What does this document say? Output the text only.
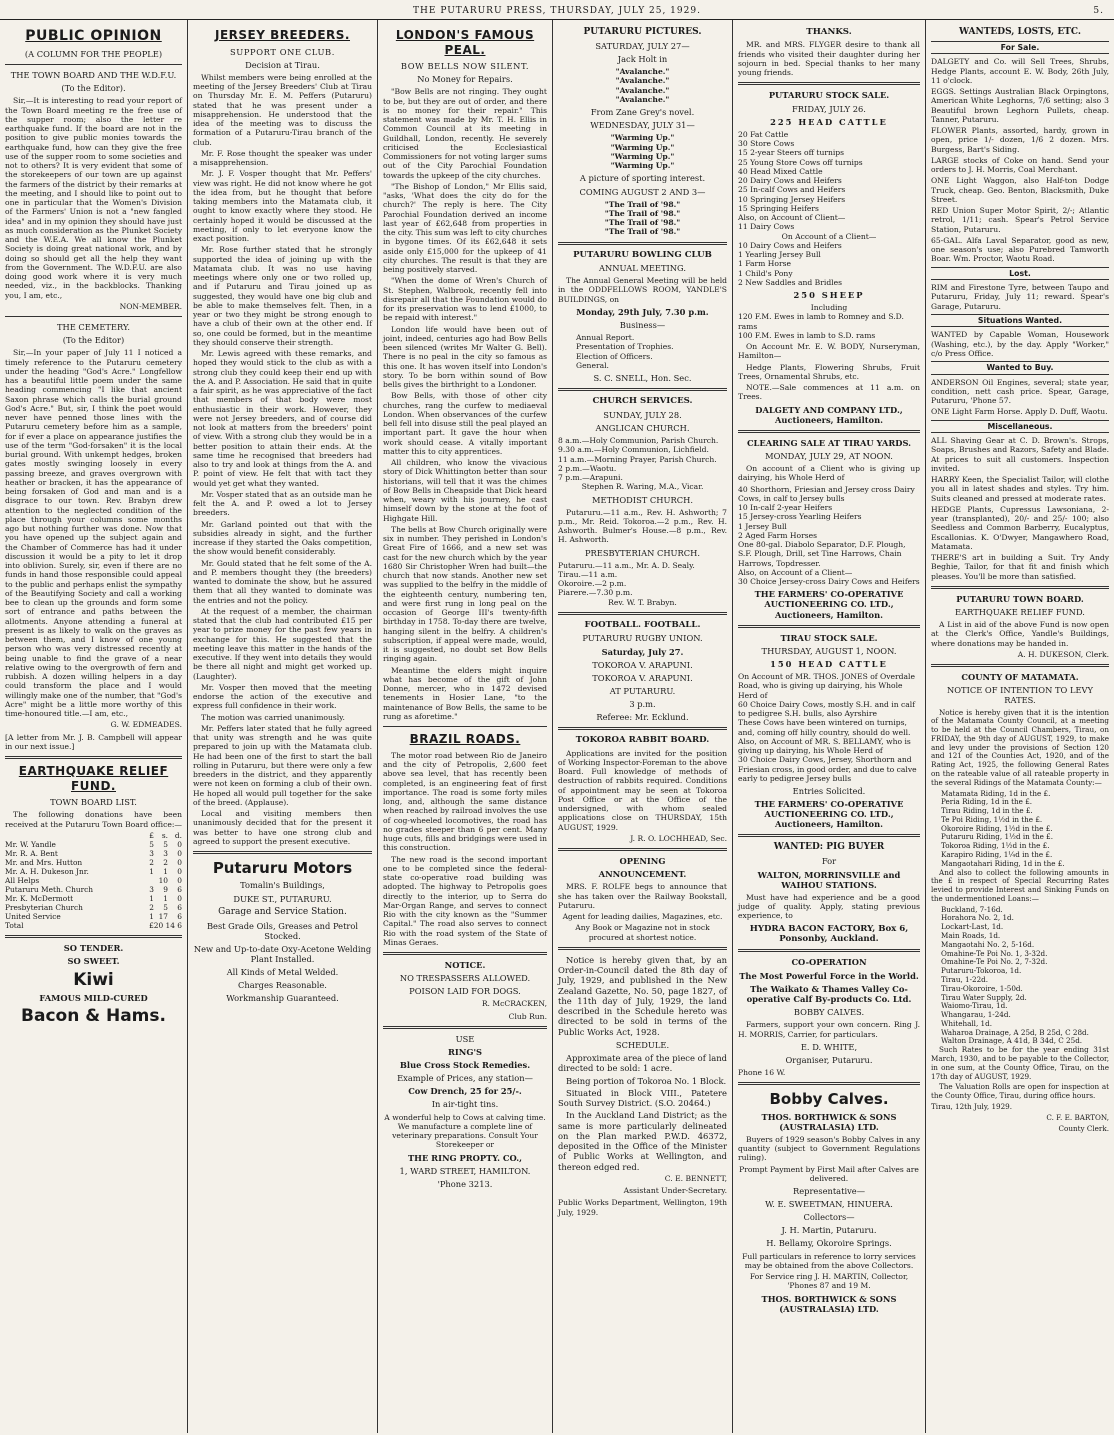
THE PUTARURU PRESS, THURSDAY, JULY 25, 1929.	5.
PUBLIC OPINION
(A COLUMN FOR THE PEOPLE)
THE TOWN BOARD AND THE W.D.F.U.
(To the Editor).

Sir,—It is interesting to read your report of the Town Board meeting re the free use of the supper room; also the letter re earthquake fund. If the board are not in the position to give public monies towards the earthquake fund, how can they give the free use of the supper room to some societies and not to others? It is very evident that some of the storekeepers of our town are up against the farmers of the district by their remarks at the meeting, and I should like to point out to one in particular that the Women's Division of the Farmers' Union is not a "new fangled idea" and in my opinion they should have just as much consideration as the Plunket Society and the W.E.A. We all know the Plunket Society is doing great national work, and by doing so should get all the help they want from the Government. The W.D.F.U. are also doing good work where it is very much needed, viz., in the backblocks. Thanking you, I am, etc.,

NON-MEMBER.
THE CEMETERY.
(To the Editor)

Sir,—In your paper of July 11 I noticed a timely reference to the Putaruru cemetery under the heading "God's Acre." Longfellow has a beautiful little poem under the same heading commencing "I like that ancient Saxon phrase which calls the burial ground God's Acre." But, sir, I think the poet would never have penned those lines with the Putaruru cemetery before him as a sample, for if ever a place on appearance justifies the use of the term "God-forsaken" it is the local burial ground. With unkempt hedges, broken gates mostly swinging loosely in every passing breeze, and graves overgrown with heather or bracken, it has the appearance of being forsaken of God and man and is a disgrace to our town. Rev. Brabyn drew attention to the neglected condition of the place through your columns some months ago but nothing further was done. Now that you have opened up the subject again and the Chamber of Commerce has had it under discussion it would be a pity to let it drop into oblivion. Surely, sir, even if there are no funds in hand those responsible could appeal to the public and perhaps enlist the sympathy of the Beautifying Society and call a working bee to clean up the grounds and form some sort of entrance and paths between the allotments. Anyone attending a funeral at present is as likely to walk on the graves as between them, and I know of one young person who was very distressed recently at being unable to find the grave of a near relative owing to the overgrowth of fern and rubbish. A dozen willing helpers in a day could transform the place and I would willingly make one of the number, that "God's Acre" might be a little more worthy of this time-honoured title.—I am, etc.,

G. W. EDMEADES.

[A letter from Mr. J. B. Campbell will appear in our next issue.]

EARTHQUAKE RELIEF FUND.
TOWN BOARD LIST.

The following donations have been received at the Putaruru Town Board office:—

	£	s.	d.
Mr. W. Yandle	5	5	0
Mr. R. A. Bent	3	3	0
Mr. and Mrs. Hutton	2	2	0
Mr. A. H. Dukeson Jnr.	1	1	0
All Helps		10	0
Putaruru Meth. Church	3	9	6
Mr. K. McDermott	1	1	0
Presbyterian Church	2	5	6
United Service	1	17	6
Total	£20 14 6		
SO TENDER.
SO SWEET.
Kiwi
FAMOUS MILD-CURED
Bacon & Hams.
JERSEY BREEDERS.
SUPPORT ONE CLUB.
Decision at Tirau.

Whilst members were being enrolled at the meeting of the Jersey Breeders' Club at Tirau on Thursday Mr. E. M. Peffers (Putaruru) stated that he was present under a misapprehension. He understood that the idea of the meeting was to discuss the formation of a Putaruru-Tirau branch of the club.

Mr. F. Rose thought the speaker was under a misapprehension.

Mr. J. F. Vosper thought that Mr. Peffers' view was right. He did not know where he got the idea from, but he thought that before taking members into the Matamata club, it ought to know exactly where they stood. He certainly hoped it would be discussed at the meeting, if only to let everyone know the exact position.

Mr. Rose further stated that he strongly supported the idea of joining up with the Matamata club. It was no use having meetings where only one or two rolled up, and if Putaruru and Tirau joined up as suggested, they would have one big club and be able to make themselves felt. Then, in a year or two they might be strong enough to have a club of their own at the other end. If so, one could be formed, but in the meantime they should conserve their strength.

Mr. Lewis agreed with these remarks, and hoped they would stick to the club as with a strong club they could keep their end up with the A. and P. Association. He said that in quite a fair spirit, as he was appreciative of the fact that members of that body were most enthusiastic in their work. However, they were not Jersey breeders, and of course did not look at matters from the breeders' point of view. With a strong club they would be in a better position to attain their ends. At the same time he recognised that breeders had also to try and look at things from the A. and P. point of view. He felt that with tact they would yet get what they wanted.

Mr. Vosper stated that as an outside man he felt the A. and P. owed a lot to Jersey breeders.

Mr. Garland pointed out that with the subsidies already in sight, and the further increase if they started the Oaks competition, the show would benefit considerably.

Mr. Gould stated that he felt some of the A. and P. members thought they (the breeders) wanted to dominate the show, but he assured them that all they wanted to dominate was the entries and not the policy.

At the request of a member, the chairman stated that the club had contributed £15 per year to prize money for the past few years in exchange for this. He suggested that the meeting leave this matter in the hands of the executive. If they went into details they would be there all night and might get worked up. (Laughter).

Mr. Vosper then moved that the meeting endorse the action of the executive and express full confidence in their work.

The motion was carried unanimously.

Mr. Peffers later stated that he fully agreed that unity was strength and he was quite prepared to join up with the Matamata club. He had been one of the first to start the ball rolling in Putaruru, but there were only a few breeders in the district, and they apparently were not keen on forming a club of their own. He hoped all would pull together for the sake of the breed. (Applause).

Local and visiting members then unanimously decided that for the present it was better to have one strong club and agreed to support the present executive.

Putaruru Motors
Tomalin's Buildings,
DUKE ST., PUTARURU.
Garage and Service Station.
Best Grade Oils, Greases and Petrol Stocked.
New and Up-to-date Oxy-Acetone Welding Plant Installed.
All Kinds of Metal Welded.
Charges Reasonable.
Workmanship Guaranteed.
LONDON'S FAMOUS PEAL.
BOW BELLS NOW SILENT.
No Money for Repairs.

"Bow Bells are not ringing. They ought to be, but they are out of order, and there is no money for their repair." This statement was made by Mr. T. H. Ellis in Common Council at its meeting in Guildhall, London, recently. He severely criticised the Ecclesiastical Commissioners for not voting larger sums out of the City Parochial Foundation towards the upkeep of the city churches.

"The Bishop of London," Mr Ellis said, "asks, 'What does the city do for the church?' The reply is here. The City Parochial Foundation derived an income last year of £62,648 from properties in the city. This sum was left to city churches in bygone times. Of its £62,648 it sets aside only £15,000 for the upkeep of 41 city churches. The result is that they are being positively starved.

"When the dome of Wren's Church of St. Stephen, Walbrook, recently fell into disrepair all that the Foundation would do for its preservation was to lend £1000, to be repaid with interest."

London life would have been out of joint, indeed, centuries ago had Bow Bells been silenced (writes Mr Walter G. Bell). There is no peal in the city so famous as this one. It has woven itself into London's story. To be born within sound of Bow bells gives the birthright to a Londoner.

Bow Bells, with those of other city churches, rang the curfew to mediaeval London. When observances of the curfew bell fell into disuse still the peal played an important part. It gave the hour when work should cease. A vitally important matter this to city apprentices.

All children, who know the vivacious story of Dick Whittington better than sour historians, will tell that it was the chimes of Bow Bells in Cheapside that Dick heard when, weary with his journey, he cast himself down by the stone at the foot of Highgate Hill.

The bells at Bow Church originally were six in number. They perished in London's Great Fire of 1666, and a new set was cast for the new church which by the year 1680 Sir Christopher Wren had built—the church that now stands. Another new set was supplied to the belfry in the middle of the eighteenth century, numbering ten, and were first rung in long peal on the occasion of George III's twenty-fifth birthday in 1758. To-day there are twelve, hanging silent in the belfry. A children's subscription, if appeal were made, would, it is suggested, no doubt set Bow Bells ringing again.

Meantime the elders might inquire what has become of the gift of John Donne, mercer, who in 1472 devised tenements in Hosier Lane, "to the maintenance of Bow Bells, the same to be rung as aforetime."

BRAZIL ROADS.

The motor road between Rio de Janeiro and the city of Petropolis, 2,600 feet above sea level, that has recently been completed, is an engineering feat of first importance. The road is some forty miles long, and, although the same distance when reached by railroad involves the use of cog-wheeled locomotives, the road has no grades steeper than 6 per cent. Many huge cuts, fills and bridgings were used in this construction.

The new road is the second important one to be completed since the federal-state co-operative road building was adopted. The highway to Petropolis goes directly to the interior, up to Serra do Mar-Organ Range, and serves to connect Rio with the city known as the "Summer Capital." The road also serves to connect Rio with the road system of the State of Minas Geraes.

NOTICE.
NO TRESPASSERS ALLOWED.
POISON LAID FOR DOGS.
R. McCRACKEN,
Club Run.
USE
RING'S
Blue Cross Stock Remedies.
Example of Prices, any station—
Cow Drench, 25 for 25/-.
In air-tight tins.

A wonderful help to Cows at calving time. We manufacture a complete line of veterinary preparations. Consult Your Storekeeper or

THE RING PROPTY. CO.,
1, WARD STREET, HAMILTON.
'Phone 3213.
PUTARURU PICTURES.
SATURDAY, JULY 27—
Jack Holt in
"Avalanche."
"Avalanche."
"Avalanche."
"Avalanche."
From Zane Grey's novel.
WEDNESDAY, JULY 31—
"Warming Up."
"Warming Up."
"Warming Up."
"Warming Up."
A picture of sporting interest.
COMING AUGUST 2 AND 3—
"The Trail of '98."
"The Trail of '98."
"The Trail of '98."
"The Trail of '98."
PUTARURU BOWLING CLUB
ANNUAL MEETING.

The Annual General Meeting will be held in the ODDFELLOWS ROOM, YANDLE'S BUILDINGS, on

Monday, 29th July, 7.30 p.m.
Business—
Annual Report.
Presentation of Trophies.
Election of Officers.
General.
S. C. SNELL, Hon. Sec.
CHURCH SERVICES.
SUNDAY, JULY 28.
ANGLICAN CHURCH.
8 a.m.—Holy Communion, Parish Church.
9.30 a.m.—Holy Communion, Lichfield.
11 a.m.—Morning Prayer, Parish Church.
2 p.m.—Waotu.
7 p.m.—Arapuni.
Stephen R. Waring, M.A., Vicar.
METHODIST CHURCH.

Putaruru.—11 a.m., Rev. H. Ashworth; 7 p.m., Mr. Reid. Tokoroa.—2 p.m., Rev. H. Ashworth. Bulmer's House.—8 p.m., Rev. H. Ashworth.

PRESBYTERIAN CHURCH.
Putaruru.—11 a.m., Mr. A. D. Sealy.
Tirau.—11 a.m.
Okoroire.—2 p.m.
Piarere.—7.30 p.m.
Rev. W. T. Brabyn.
FOOTBALL. FOOTBALL.
PUTARURU RUGBY UNION.
Saturday, July 27.
TOKOROA V. ARAPUNI.
TOKOROA V. ARAPUNI.
AT PUTARURU.
3 p.m.
Referee: Mr. Ecklund.
TOKOROA RABBIT BOARD.

Applications are invited for the position of Working Inspector-Foreman to the above Board. Full knowledge of methods of destruction of rabbits required. Conditions of appointment may be seen at Tokoroa Post Office or at the Office of the undersigned, with whom sealed applications close on THURSDAY, 15th AUGUST, 1929.

J. R. O. LOCHHEAD, Sec.
OPENING
ANNOUNCEMENT.

MRS. F. ROLFE begs to announce that she has taken over the Railway Bookstall, Putaruru.

Agent for leading dailies, Magazines, etc.

Any Book or Magazine not in stock procured at shortest notice.

Notice is hereby given that, by an Order-in-Council dated the 8th day of July, 1929, and published in the New Zealand Gazette, No. 50, page 1827, of the 11th day of July, 1929, the land described in the Schedule hereto was directed to be sold in terms of the Public Works Act, 1928.

SCHEDULE.

Approximate area of the piece of land directed to be sold: 1 acre.

Being portion of Tokoroa No. 1 Block.

Situated in Block VIII., Patetere South Survey District. (S.O. 20464.)

In the Auckland Land District; as the same is more particularly delineated on the Plan marked P.W.D. 46372, deposited in the Office of the Minister of Public Works at Wellington, and thereon edged red.

C. E. BENNETT,
Assistant Under-Secretary.

Public Works Department, Wellington, 19th July, 1929.

THANKS.

MR. and MRS. FLYGER desire to thank all friends who visited their daughter during her sojourn in bed. Special thanks to her many young friends.

PUTARURU STOCK SALE.
FRIDAY, JULY 26.
225 HEAD CATTLE
20 Fat Cattle
30 Store Cows
15 2-year Steers off turnips
25 Young Store Cows off turnips
40 Head Mixed Cattle
20 Dairy Cows and Heifers
25 In-calf Cows and Heifers
10 Springing Jersey Heifers
15 Springing Heifers
Also, on Account of Client—
11 Dairy Cows
On Account of a Client—
10 Dairy Cows and Heifers
1 Yearling Jersey Bull
1 Farm Horse
1 Child's Pony
2 New Saddles and Bridles
250 SHEEP
Including
120 F.M. Ewes in lamb to Romney and S.D. rams
100 F.M. Ewes in lamb to S.D. rams

On Account Mr. E. W. BODY, Nurseryman, Hamilton—

Hedge Plants, Flowering Shrubs, Fruit Trees, Ornamental Shrubs, etc.

NOTE.—Sale commences at 11 a.m. on Trees.

DALGETY AND COMPANY LTD., Auctioneers, Hamilton.
CLEARING SALE AT TIRAU YARDS.
MONDAY, JULY 29, AT NOON.

On account of a Client who is giving up dairying, his Whole Herd of

40 Shorthorn, Friesian and Jersey cross Dairy Cows, in calf to Jersey bulls
10 In-calf 2-year Heifers
15 Jersey-cross Yearling Heifers
1 Jersey Bull
2 Aged Farm Horses
One 80-gal. Diabolo Separator, D.F. Plough, S.F. Plough, Drill, set Tine Harrows, Chain Harrows, Topdresser.
Also, on Account of a Client—
30 Choice Jersey-cross Dairy Cows and Heifers
THE FARMERS' CO-OPERATIVE AUCTIONEERING CO. LTD., Auctioneers, Hamilton.
TIRAU STOCK SALE.
THURSDAY, AUGUST 1, NOON.
150 HEAD CATTLE
On Account of MR. THOS. JONES of Overdale Road, who is giving up dairying, his Whole Herd of
60 Choice Dairy Cows, mostly S.H. and in calf to pedigree S.H. bulls, also Ayrshire
These Cows have been wintered on turnips, and, coming off hilly country, should do well.
Also, on Account of MR. S. BELLAMY, who is giving up dairying, his Whole Herd of
30 Choice Dairy Cows, Jersey, Shorthorn and Friesian cross, in good order, and due to calve early to pedigree Jersey bulls
Entries Solicited.
THE FARMERS' CO-OPERATIVE AUCTIONEERING CO. LTD., Auctioneers, Hamilton.
WANTED: PIG BUYER
For
WALTON, MORRINSVILLE and WAIHOU STATIONS.

Must have had experience and be a good judge of quality. Apply, stating previous experience, to

HYDRA BACON FACTORY, Box 6, Ponsonby, Auckland.
CO-OPERATION
The Most Powerful Force in the World.
The Waikato & Thames Valley Co-operative Calf By-products Co. Ltd.
BOBBY CALVES.

Farmers, support your own concern. Ring J. H. MORRIS, Carrier, for particulars.

E. D. WHITE,
Organiser, Putaruru.
Phone 16 W.
Bobby Calves.
THOS. BORTHWICK & SONS (AUSTRALASIA) LTD.

Buyers of 1929 season's Bobby Calves in any quantity (subject to Government Regulations ruling).

Prompt Payment by First Mail after Calves are delivered.

Representative—
W. E. SWEETMAN, HINUERA.
Collectors—
J. H. Martin, Putaruru.
H. Bellamy, Okoroire Springs.

Full particulars in reference to lorry services may be obtained from the above Collectors.

For Service ring J. H. MARTIN, Collector, 'Phones 87 and 19 M.

THOS. BORTHWICK & SONS (AUSTRALASIA) LTD.
WANTEDS, LOSTS, ETC.
For Sale.

DALGETY and Co. will Sell Trees, Shrubs, Hedge Plants, account E. W. Body, 26th July, 11 o'clock.

EGGS. Settings Australian Black Orpingtons, American White Leghorns, 7/6 setting; also 3 Beautiful brown Leghorn Pullets, cheap. Tanner, Putaruru.

FLOWER Plants, assorted, hardy, grown in open, price 1/- dozen, 1/6 2 dozen. Mrs. Burgess, Bart's Siding.

LARGE stocks of Coke on hand. Send your orders to J. H. Morris, Coal Merchant.

ONE Light Waggon, also Half-ton Dodge Truck, cheap. Geo. Benton, Blacksmith, Duke Street.

RED Union Super Motor Spirit, 2/-; Atlantic retrol, 1/11; cash. Spear's Petrol Service Station, Putaruru.

65-GAL. Alfa Laval Separator, good as new, one season's use; also Purebred Tamworth Boar. Wm. Proctor, Waotu Road.

Lost.

RIM and Firestone Tyre, between Taupo and Putaruru, Friday, July 11; reward. Spear's Garage, Putaruru.

Situations Wanted.

WANTED by Capable Woman, Housework (Washing, etc.), by the day. Apply "Worker," c/o Press Office.

Wanted to Buy.

ANDERSON Oil Engines, several; state year, condition, nett cash price. Spear, Garage, Putaruru, 'Phone 57.

ONE Light Farm Horse. Apply D. Duff, Waotu.

Miscellaneous.

ALL Shaving Gear at C. D. Brown's. Strops, Soaps, Brushes and Razors, Safety and Blade. At prices to suit all customers. Inspection invited.

HARRY Keen, the Specialist Tailor, will clothe you all in latest shades and styles. Try him. Suits cleaned and pressed at moderate rates.

HEDGE Plants, Cupressus Lawsoniana, 2-year (transplanted), 20/- and 25/- 100; also Seedless and Common Barberry, Eucalyptus, Escallonias. K. O'Dwyer, Mangawhero Road, Matamata.

THERE'S art in building a Suit. Try Andy Beghie, Tailor, for that fit and finish which pleases. You'll be more than satisfied.

PUTARURU TOWN BOARD.
EARTHQUAKE RELIEF FUND.

A List in aid of the above Fund is now open at the Clerk's Office, Yandle's Buildings, where donations may be handed in.

A. H. DUKESON, Clerk.
COUNTY OF MATAMATA.
NOTICE OF INTENTION TO LEVY RATES.

Notice is hereby given that it is the intention of the Matamata County Council, at a meeting to be held at the Council Chambers, Tirau, on FRIDAY, the 9th day of AUGUST, 1929, to make and levy under the provisions of Section 120 and 121 of the Counties Act, 1920, and of the Rating Act, 1925, the following General Rates on the rateable value of all rateable property in the several Ridings of the Matamata County:—

Matamata Riding, 1d in the £.
Peria Riding, 1d in the £.
Tirau Riding, 1d in the £.
Te Poi Riding, 1½d in the £.
Okoroire Riding, 1½d in the £.
Putaruru Riding, 1½d in the £.
Tokoroa Riding, 1½d in the £.
Karapiro Riding, 1¼d in the £.
Mangaotahari Riding, 1d in the £.

And also to collect the following amounts in the £ in respect of Special Recurring Rates levied to provide Interest and Sinking Funds on the undermentioned Loans:—

Buckland, 7-16d.
Horahora No. 2, 1d.
Lockart-Last, 1d.
Main Roads, 1d.
Mangaotahi No. 2, 5-16d.
Omahine-Te Poi No. 1, 3-32d.
Omahine-Te Poi No. 2, 7-32d.
Putaruru-Tokoroa, 1d.
Tirau, 1-22d.
Tirau-Okoroire, 1-50d.
Tirau Water Supply, 2d.
Waiomo-Tirau, 1d.
Whangarau, 1-24d.
Whitehall, 1d.
Waharoa Drainage, A 25d, B 25d, C 28d.
Walton Drainage, A 41d, B 34d, C 25d.

Such Rates to be for the year ending 31st March, 1930, and to be payable to the Collector, in one sum, at the County Office, Tirau, on the 17th day of AUGUST, 1929.

The Valuation Rolls are open for inspection at the County Office, Tirau, during office hours.

Tirau, 12th July, 1929.
C. F. E. BARTON,
County Clerk.
